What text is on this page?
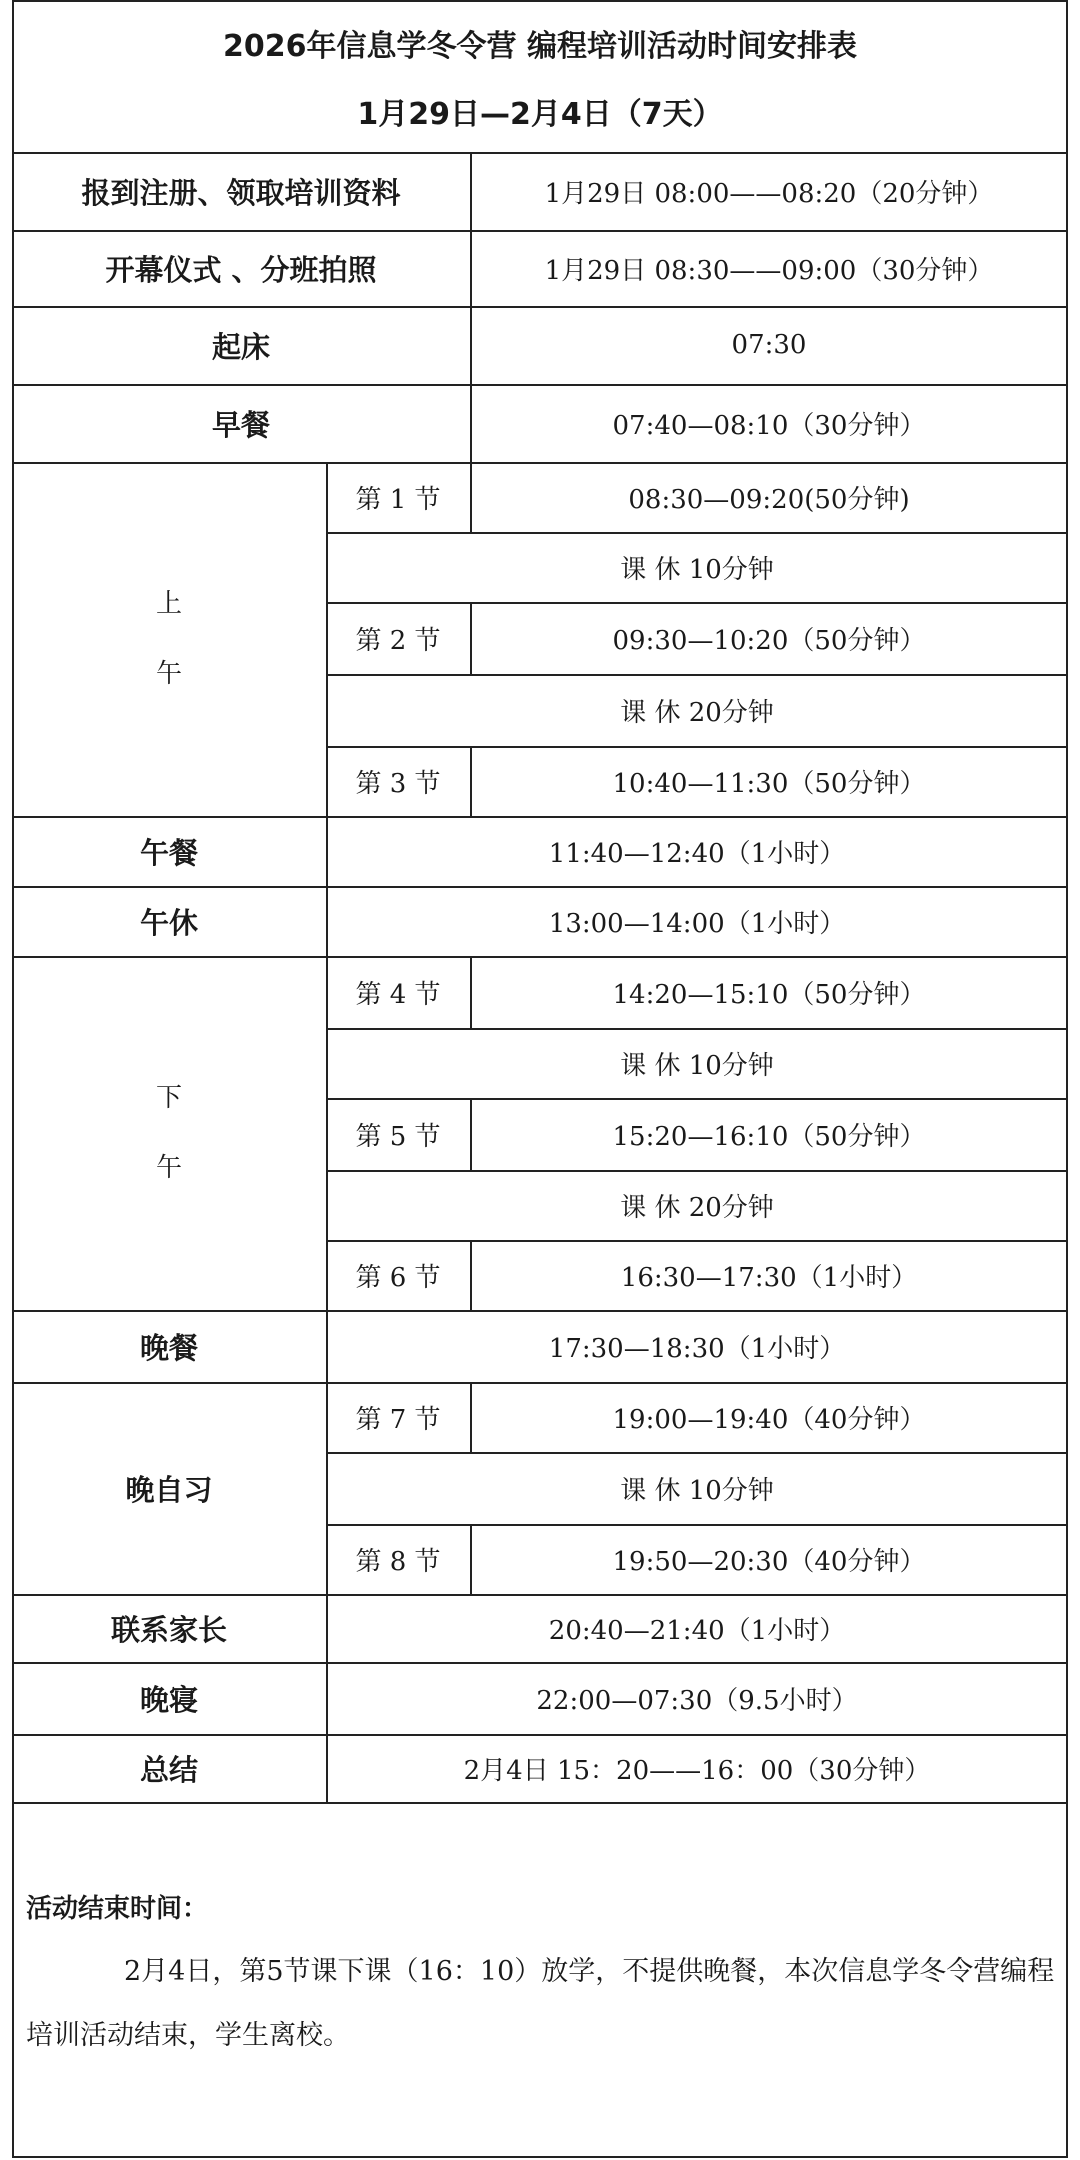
2026年信息学冬令营 编程培训活动时间安排表
1月29日—2月4日（7天）
报到注册、领取培训资料	1月29日 08:00——08:20（20分钟）
开幕仪式 、分班拍照	1月29日 08:30——09:00（30分钟）
起床	07:30
早餐	07:40—08:10（30分钟）
上
午
第 1 节	08:30—09:20(50分钟)
课 休 10分钟
第 2 节	09:30—10:20（50分钟）
课 休 20分钟
第 3 节	10:40—11:30（50分钟）
午餐	11:40—12:40（1小时）
午休	13:00—14:00（1小时）
下
午
第 4 节	14:20—15:10（50分钟）
课 休 10分钟
第 5 节	15:20—16:10（50分钟）
课 休 20分钟
第 6 节	16:30—17:30（1小时）
晚餐	17:30—18:30（1小时）
晚自习
第 7 节	19:00—19:40（40分钟）
课 休 10分钟
第 8 节	19:50—20:30（40分钟）
联系家长	20:40—21:40（1小时）
晚寝	22:00—07:30（9.5小时）
总结	2月4日 15：20——16：00（30分钟）
活动结束时间：
2月4日，第5节课下课（16：10）放学，不提供晚餐，本次信息学冬令营编程培训活动结束，学生离校。
